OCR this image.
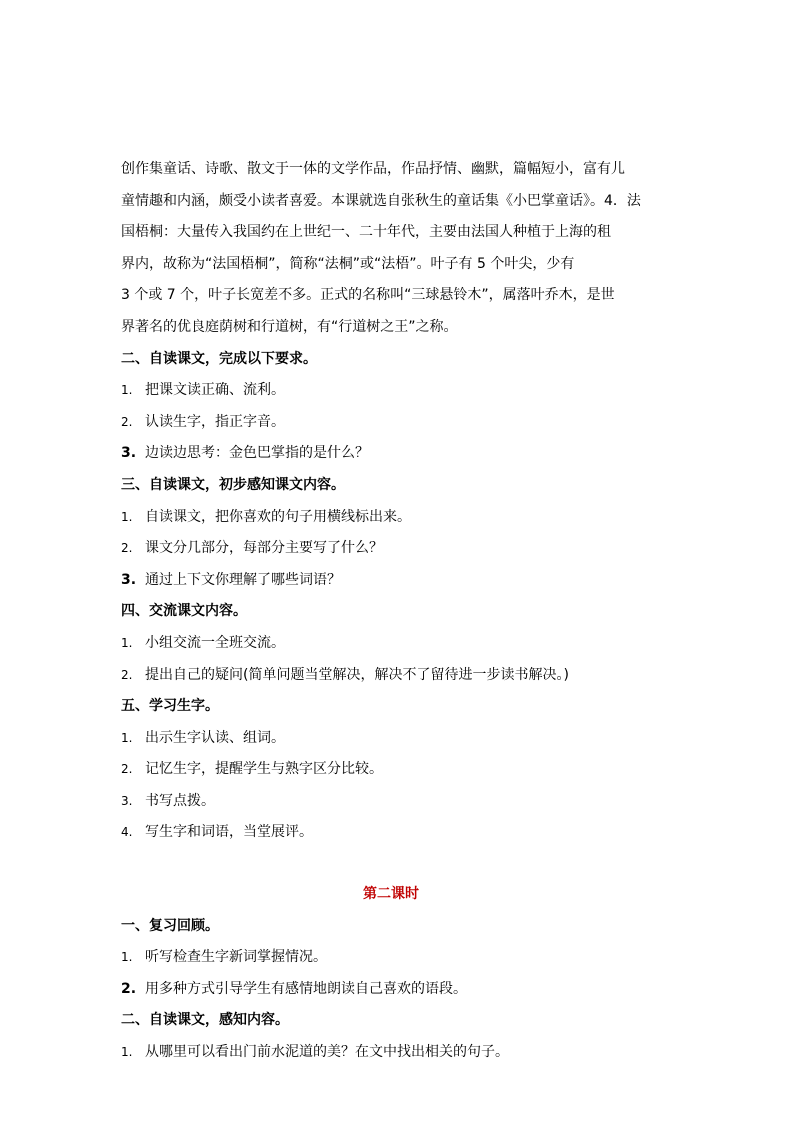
创作集童话、诗歌、散文于一体的文学作品，作品抒情、幽默，篇幅短小，富有儿
童情趣和内涵，颇受小读者喜爱。本课就选自张秋生的童话集《小巴掌童话》。4．法
国梧桐：大量传入我国约在上世纪一、二十年代，主要由法国人种植于上海的租
界内，故称为“法国梧桐”，简称“法桐”或“法梧”。叶子有 5 个叶尖，少有
3 个或 7 个，叶子长宽差不多。正式的名称叫“三球悬铃木”，属落叶乔木，是世
界著名的优良庭荫树和行道树，有“行道树之王”之称。
二、自读课文，完成以下要求。
1. 把课文读正确、流利。
2. 认读生字，指正字音。
3. 边读边思考：金色巴掌指的是什么？
三、自读课文，初步感知课文内容。
1. 自读课文，把你喜欢的句子用横线标出来。
2. 课文分几部分，每部分主要写了什么？
3. 通过上下文你理解了哪些词语？
四、交流课文内容。
1. 小组交流一全班交流。
2. 提出自己的疑问(简单问题当堂解决，解决不了留待进一步读书解决。)
五、学习生字。
1. 出示生字认读、组词。
2. 记忆生字，提醒学生与熟字区分比较。
3. 书写点拨。
4. 写生字和词语，当堂展评。
第二课时
一、复习回顾。
1. 听写检查生字新词掌握情况。
2. 用多种方式引导学生有感情地朗读自己喜欢的语段。
二、自读课文，感知内容。
1. 从哪里可以看出门前水泥道的美？在文中找出相关的句子。
